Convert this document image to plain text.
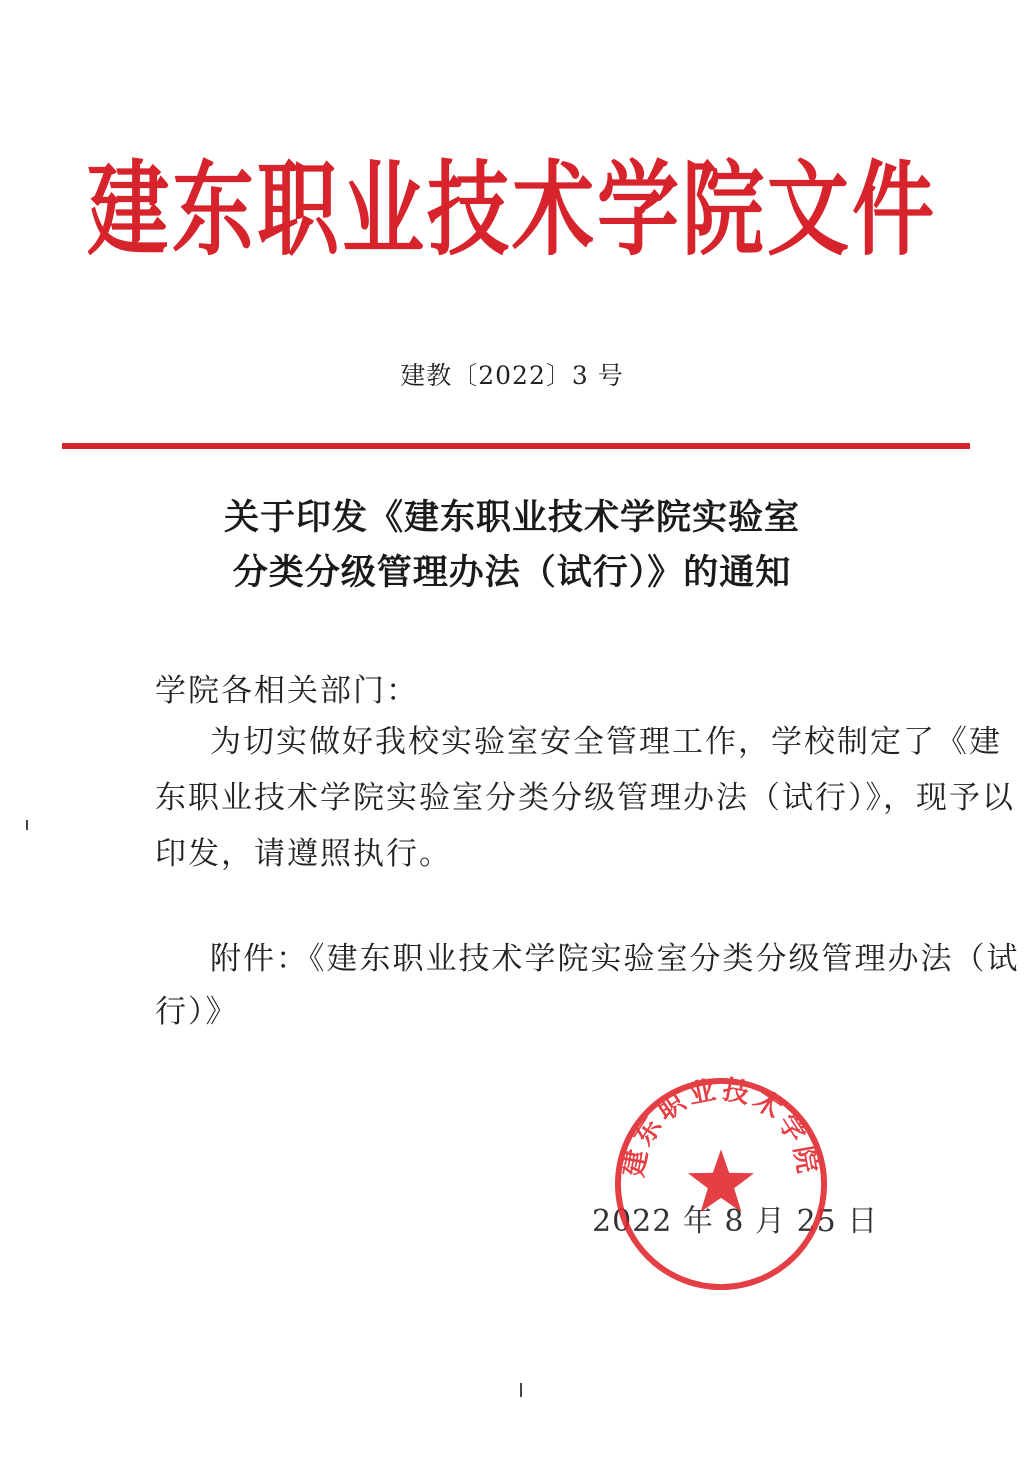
建东职业技术学院文件
建教〔2022〕3 号
关于印发《建东职业技术学院实验室
分类分级管理办法（试行）》的通知
学院各相关部门：
为切实做好我校实验室安全管理工作，学校制定了《建
东职业技术学院实验室分类分级管理办法（试行）》，现予以
印发，请遵照执行。
附件：《建东职业技术学院实验室分类分级管理办法（试
行）》
2022 年 8 月 25 日
建东职业技术学院
